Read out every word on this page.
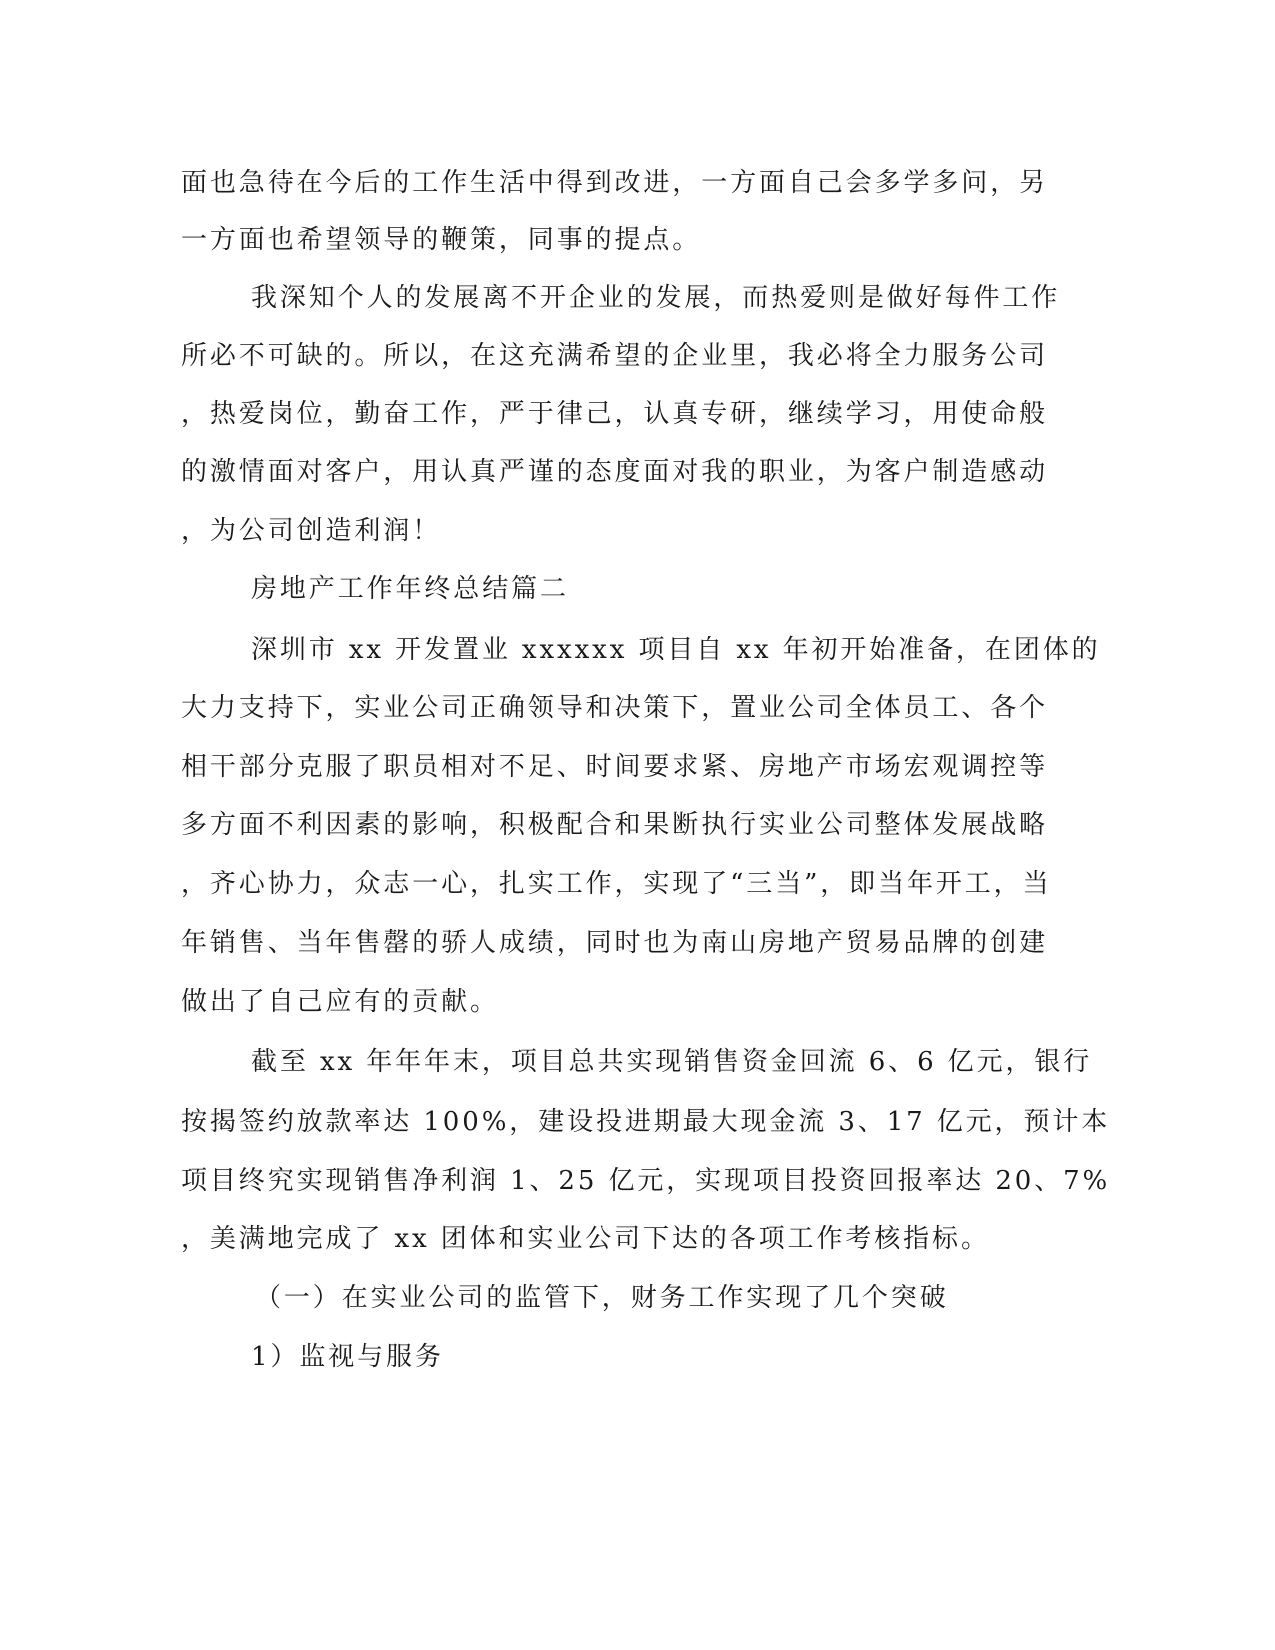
面也急待在今后的工作生活中得到改进，一方面自己会多学多问，另
一方面也希望领导的鞭策，同事的提点。
我深知个人的发展离不开企业的发展，而热爱则是做好每件工作
所必不可缺的。所以，在这充满希望的企业里，我必将全力服务公司
，热爱岗位，勤奋工作，严于律己，认真专研，继续学习，用使命般
的激情面对客户，用认真严谨的态度面对我的职业，为客户制造感动
，为公司创造利润！
房地产工作年终总结篇二
深圳市 xx 开发置业 xxxxxx 项目自 xx 年初开始准备，在团体的
大力支持下，实业公司正确领导和决策下，置业公司全体员工、各个
相干部分克服了职员相对不足、时间要求紧、房地产市场宏观调控等
多方面不利因素的影响，积极配合和果断执行实业公司整体发展战略
，齐心协力，众志一心，扎实工作，实现了“三当”，即当年开工，当
年销售、当年售罄的骄人成绩，同时也为南山房地产贸易品牌的创建
做出了自己应有的贡献。
截至 xx 年年年末，项目总共实现销售资金回流 6、6 亿元，银行
按揭签约放款率达 100%，建设投进期最大现金流 3、17 亿元，预计本
项目终究实现销售净利润 1、25 亿元，实现项目投资回报率达 20、7%
，美满地完成了 xx 团体和实业公司下达的各项工作考核指标。
（一）在实业公司的监管下，财务工作实现了几个突破
1）监视与服务
